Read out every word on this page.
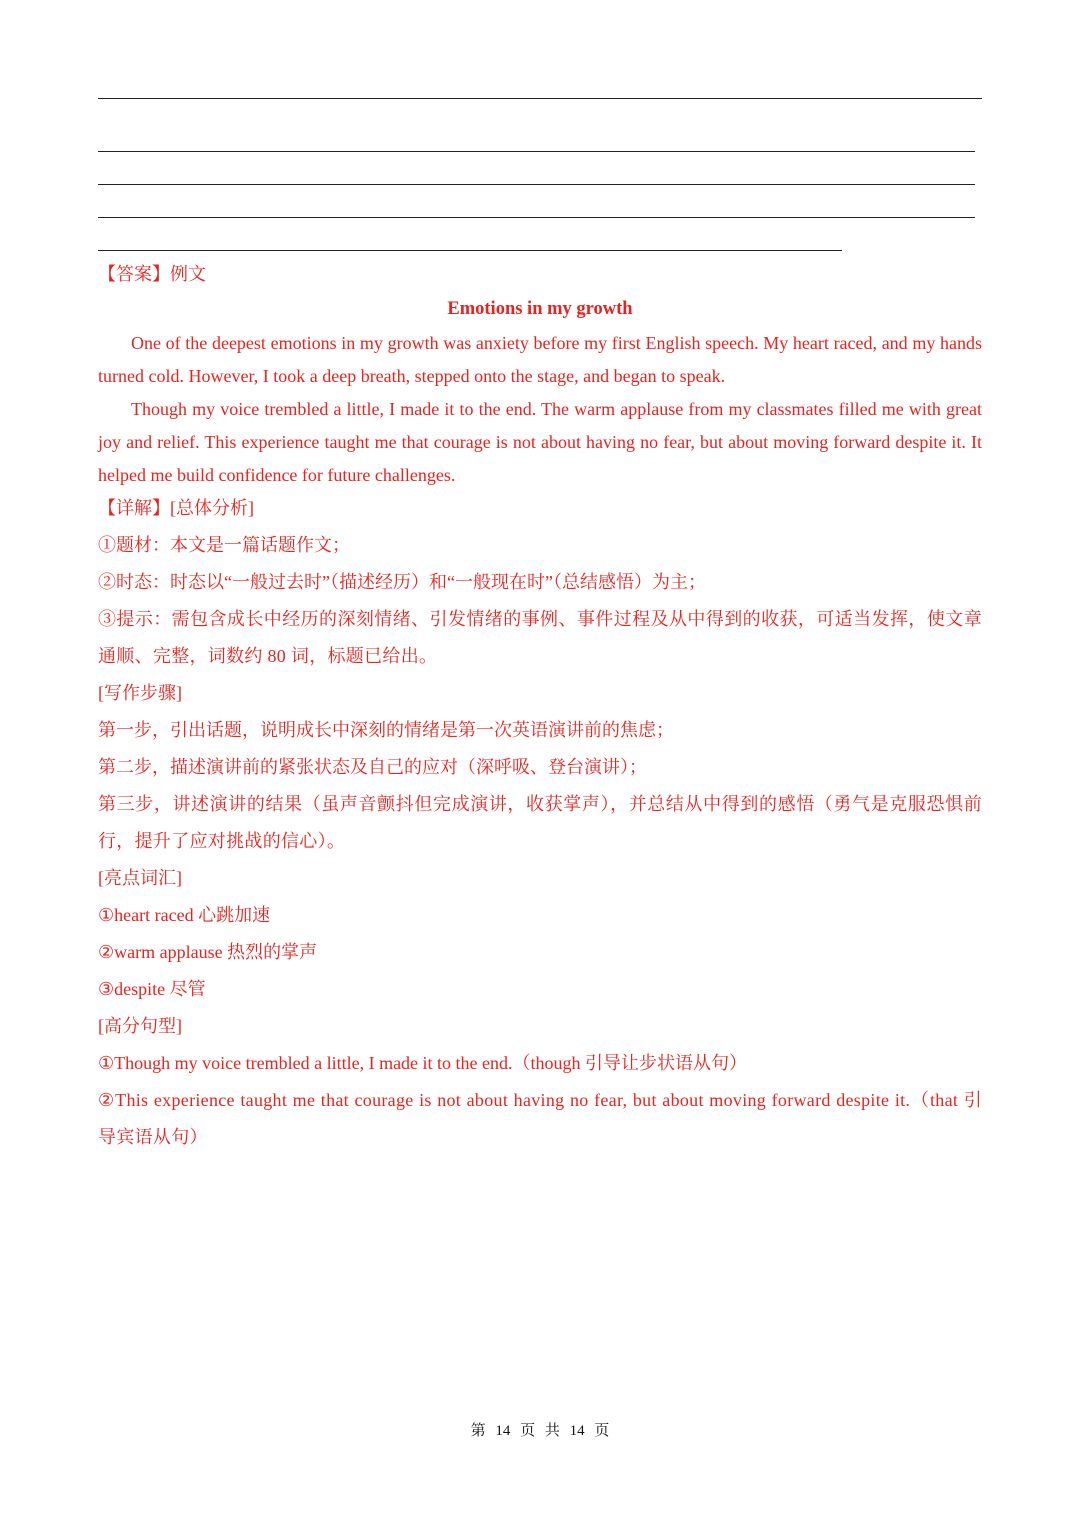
【答案】例文
Emotions in my growth
One of the deepest emotions in my growth was anxiety before my first English speech. My heart raced, and my hands turned cold. However, I took a deep breath, stepped onto the stage, and began to speak.
Though my voice trembled a little, I made it to the end. The warm applause from my classmates filled me with great joy and relief. This experience taught me that courage is not about having no fear, but about moving forward despite it. It helped me build confidence for future challenges.
【详解】[总体分析]
①题材：本文是一篇话题作文；
②时态：时态以“一般过去时”（描述经历）和“一般现在时”（总结感悟）为主；
③提示：需包含成长中经历的深刻情绪、引发情绪的事例、事件过程及从中得到的收获，可适当发挥，使文章通顺、完整，词数约 80 词，标题已给出。
[写作步骤]
第一步，引出话题，说明成长中深刻的情绪是第一次英语演讲前的焦虑；
第二步，描述演讲前的紧张状态及自己的应对（深呼吸、登台演讲）；
第三步，讲述演讲的结果（虽声音颤抖但完成演讲，收获掌声），并总结从中得到的感悟（勇气是克服恐惧前行，提升了应对挑战的信心）。
[亮点词汇]
①heart raced 心跳加速
②warm applause 热烈的掌声
③despite 尽管
[高分句型]
①Though my voice trembled a little, I made it to the end.（though 引导让步状语从句）
②This experience taught me that courage is not about having no fear, but about moving forward despite it.（that 引导宾语从句）
第 14 页 共 14 页
